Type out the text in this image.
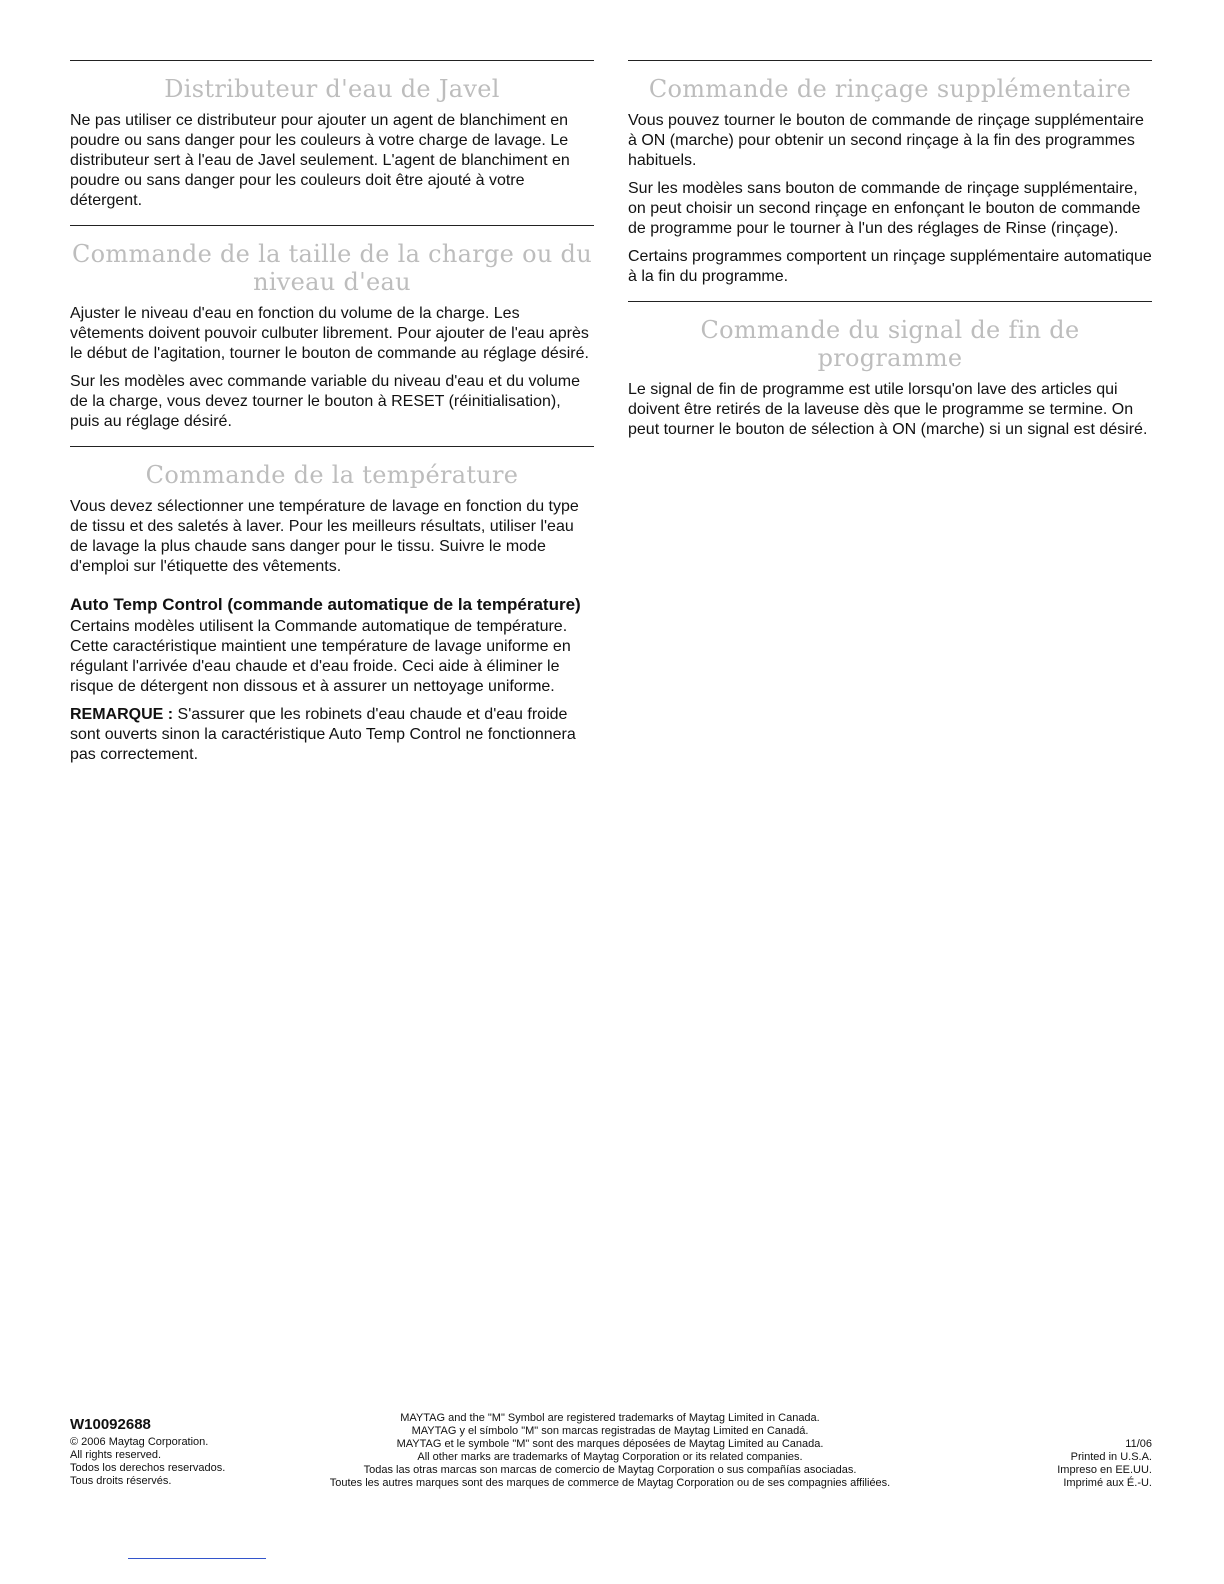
Distributeur d'eau de Javel

Ne pas utiliser ce distributeur pour ajouter un agent de blanchiment en poudre ou sans danger pour les couleurs à votre charge de lavage. Le distributeur sert à l'eau de Javel seulement. L'agent de blanchiment en poudre ou sans danger pour les couleurs doit être ajouté à votre détergent.

Commande de la taille de la charge ou du niveau d'eau

Ajuster le niveau d'eau en fonction du volume de la charge. Les vêtements doivent pouvoir culbuter librement. Pour ajouter de l'eau après le début de l'agitation, tourner le bouton de commande au réglage désiré.

Sur les modèles avec commande variable du niveau d'eau et du volume de la charge, vous devez tourner le bouton à RESET (réinitialisation), puis au réglage désiré.

Commande de la température

Vous devez sélectionner une température de lavage en fonction du type de tissu et des saletés à laver. Pour les meilleurs résultats, utiliser l'eau de lavage la plus chaude sans danger pour le tissu. Suivre le mode d'emploi sur l'étiquette des vêtements.

Auto Temp Control (commande automatique de la température)

Certains modèles utilisent la Commande automatique de température. Cette caractéristique maintient une température de lavage uniforme en régulant l'arrivée d'eau chaude et d'eau froide. Ceci aide à éliminer le risque de détergent non dissous et à assurer un nettoyage uniforme.

REMARQUE : S'assurer que les robinets d'eau chaude et d'eau froide sont ouverts sinon la caractéristique Auto Temp Control ne fonctionnera pas correctement.

Commande de rinçage supplémentaire

Vous pouvez tourner le bouton de commande de rinçage supplémentaire à ON (marche) pour obtenir un second rinçage à la fin des programmes habituels.

Sur les modèles sans bouton de commande de rinçage supplémentaire, on peut choisir un second rinçage en enfonçant le bouton de commande de programme pour le tourner à l'un des réglages de Rinse (rinçage).

Certains programmes comportent un rinçage supplémentaire automatique à la fin du programme.

Commande du signal de fin de programme

Le signal de fin de programme est utile lorsqu'on lave des articles qui doivent être retirés de la laveuse dès que le programme se termine. On peut tourner le bouton de sélection à ON (marche) si un signal est désiré.

W10092688
© 2006 Maytag Corporation.
All rights reserved.
Todos los derechos reservados.
Tous droits réservés.
MAYTAG and the "M" Symbol are registered trademarks of Maytag Limited in Canada.
MAYTAG y el símbolo "M" son marcas registradas de Maytag Limited en Canadá.
MAYTAG et le symbole "M" sont des marques déposées de Maytag Limited au Canada.
All other marks are trademarks of Maytag Corporation or its related companies.
Todas las otras marcas son marcas de comercio de Maytag Corporation o sus compañías asociadas.
Toutes les autres marques sont des marques de commerce de Maytag Corporation ou de ses compagnies affiliées.
11/06
Printed in U.S.A.
Impreso en EE.UU.
Imprimé aux É.-U.
